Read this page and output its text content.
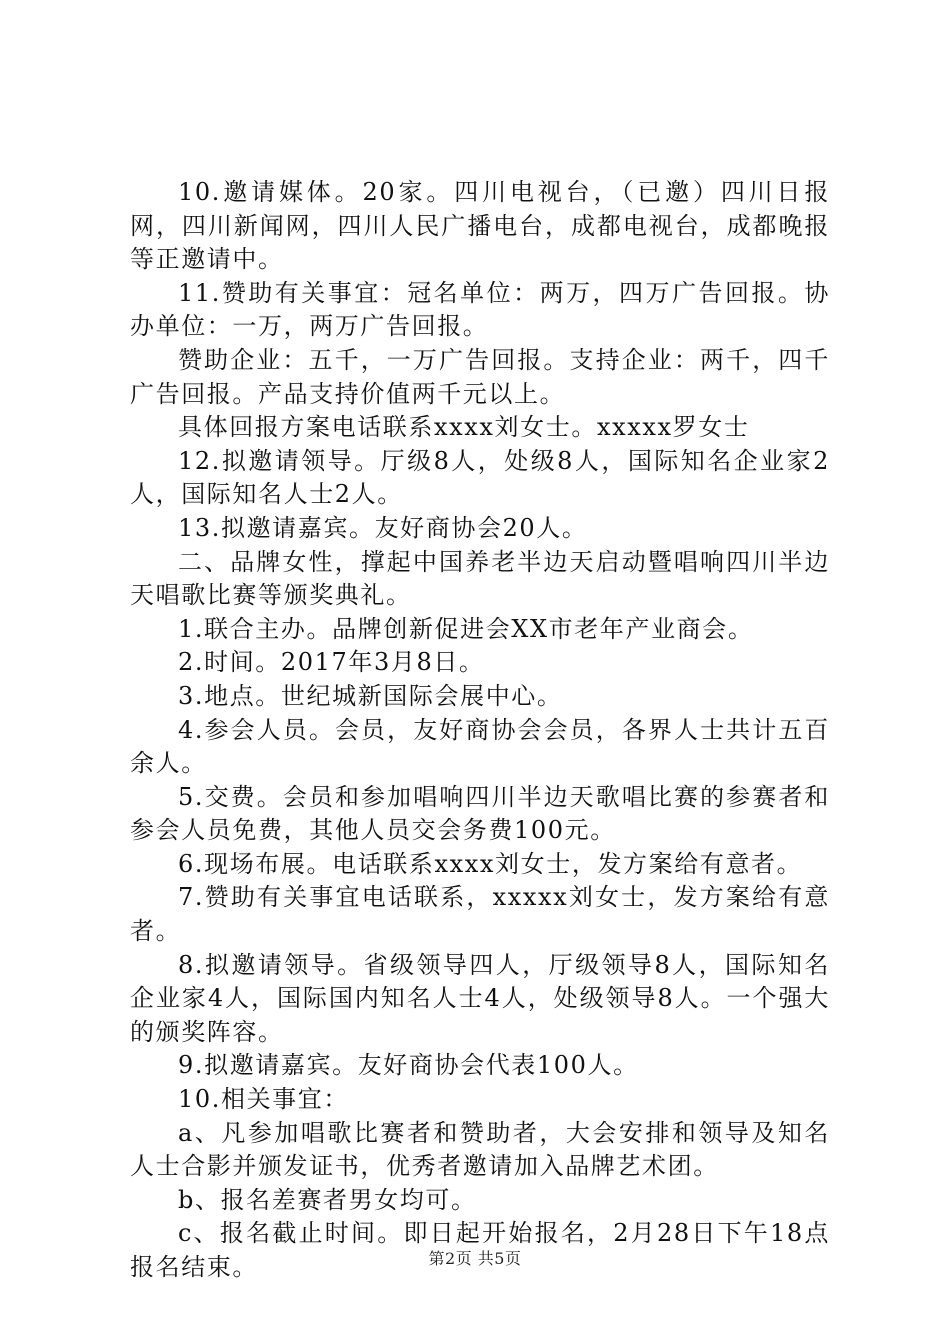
10.邀请媒体。20家。四川电视台，（已邀）四川日报网，四川新闻网，四川人民广播电台，成都电视台，成都晚报等正邀请中。

11.赞助有关事宜：冠名单位：两万，四万广告回报。协办单位：一万，两万广告回报。

赞助企业：五千，一万广告回报。支持企业：两千，四千广告回报。产品支持价值两千元以上。

具体回报方案电话联系xxxx刘女士。xxxxx罗女士

12.拟邀请领导。厅级8人，处级8人，国际知名企业家2人，国际知名人士2人。

13.拟邀请嘉宾。友好商协会20人。

二、品牌女性，撑起中国养老半边天启动暨唱响四川半边天唱歌比赛等颁奖典礼。

1.联合主办。品牌创新促进会XX市老年产业商会。

2.时间。2017年3月8日。

3.地点。世纪城新国际会展中心。

4.参会人员。会员，友好商协会会员，各界人士共计五百余人。

5.交费。会员和参加唱响四川半边天歌唱比赛的参赛者和参会人员免费，其他人员交会务费100元。

6.现场布展。电话联系xxxx刘女士，发方案给有意者。

7.赞助有关事宜电话联系，xxxxx刘女士，发方案给有意者。

8.拟邀请领导。省级领导四人，厅级领导8人，国际知名企业家4人，国际国内知名人士4人，处级领导8人。一个强大的颁奖阵容。

9.拟邀请嘉宾。友好商协会代表100人。

10.相关事宜：

a、凡参加唱歌比赛者和赞助者，大会安排和领导及知名人士合影并颁发证书，优秀者邀请加入品牌艺术团。

b、报名差赛者男女均可。

c、报名截止时间。即日起开始报名，2月28日下午18点报名结束。	第2页 共5页
